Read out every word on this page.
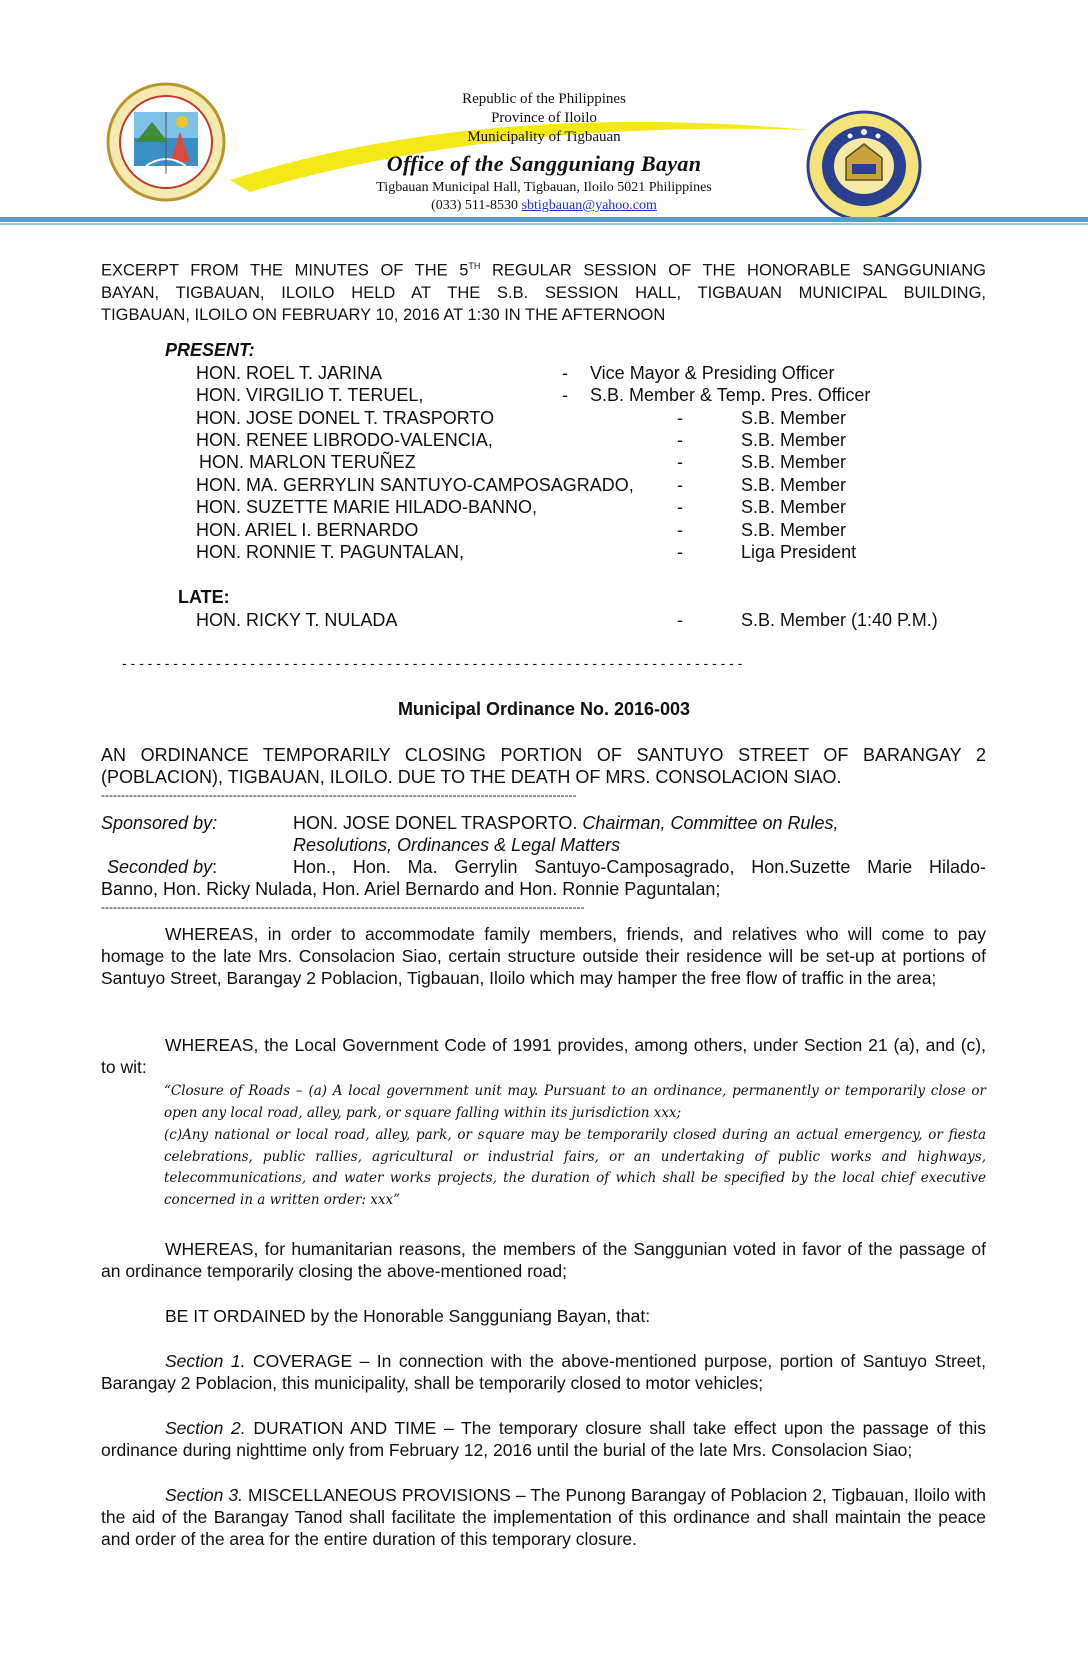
Republic of the Philippines
Province of Iloilo
Municipality of Tigbauan
Office of the Sangguniang Bayan
Tigbauan Municipal Hall, Tigbauan, Iloilo 5021 Philippines
(033) 511-8530 sbtigbauan@yahoo.com
EXCERPT FROM THE MINUTES OF THE 5TH REGULAR SESSION OF THE HONORABLE SANGGUNIANG
BAYAN, TIGBAUAN, ILOILO HELD AT THE S.B. SESSION HALL, TIGBAUAN MUNICIPAL BUILDING,
TIGBAUAN, ILOILO ON FEBRUARY 10, 2016 AT 1:30 IN THE AFTERNOON
PRESENT:
HON. ROEL T. JARINA	- Vice Mayor & Presiding Officer
HON. VIRGILIO T. TERUEL,	- S.B. Member & Temp. Pres. Officer
HON. JOSE DONEL T. TRASPORTO	-	S.B. Member
HON. RENEE LIBRODO-VALENCIA,	-	S.B. Member
HON. MARLON TERUÑEZ	-	S.B. Member
HON. MA. GERRYLIN SANTUYO-CAMPOSAGRADO, -	S.B. Member
HON. SUZETTE MARIE HILADO-BANNO,	-	S.B. Member
HON. ARIEL I. BERNARDO	-	S.B. Member
HON. RONNIE T. PAGUNTALAN,	-	Liga President
LATE:
HON. RICKY T. NULADA	-	S.B. Member (1:40 P.M.)
- - - - - - - - - - - - - - - - - - - - - - - - - - - - - - - - - - - - - - - - - - - - - - - - - - - - - - - - - - - - - - - - - - - - - - - - -
Municipal Ordinance No. 2016-003
AN ORDINANCE TEMPORARILY CLOSING PORTION OF SANTUYO STREET OF BARANGAY 2 (POBLACION), TIGBAUAN, ILOILO. DUE TO THE DEATH OF MRS. CONSOLACION SIAO.
-----------------------------------------------------------------------------------------------------------------------
Sponsored by:	HON. JOSE DONEL TRASPORTO. Chairman, Committee on Rules,
Resolutions, Ordinances & Legal Matters
Seconded by:	Hon., Hon. Ma. Gerrylin Santuyo-Camposagrado, Hon.Suzette Marie Hilado-
Banno, Hon. Ricky Nulada, Hon. Ariel Bernardo and Hon. Ronnie Paguntalan;
-------------------------------------------------------------------------------------------------------------------------
WHEREAS, in order to accommodate family members, friends, and relatives who will come to pay homage to the late Mrs. Consolacion Siao, certain structure outside their residence will be set-up at portions of Santuyo Street, Barangay 2 Poblacion, Tigbauan, Iloilo which may hamper the free flow of traffic in the area;
WHEREAS, the Local Government Code of 1991 provides, among others, under Section 21 (a), and (c), to wit:
“Closure of Roads – (a) A local government unit may. Pursuant to an ordinance, permanently or temporarily close or open any local road, alley, park, or square falling within its jurisdiction xxx;
(c)Any national or local road, alley, park, or square may be temporarily closed during an actual emergency, or fiesta celebrations, public rallies, agricultural or industrial fairs, or an undertaking of public works and highways, telecommunications, and water works projects, the duration of which shall be specified by the local chief executive concerned in a written order: xxx”
WHEREAS, for humanitarian reasons, the members of the Sanggunian voted in favor of the passage of an ordinance temporarily closing the above-mentioned road;
BE IT ORDAINED by the Honorable Sangguniang Bayan, that:
Section 1. COVERAGE – In connection with the above-mentioned purpose, portion of Santuyo Street, Barangay 2 Poblacion, this municipality, shall be temporarily closed to motor vehicles;
Section 2. DURATION AND TIME – The temporary closure shall take effect upon the passage of this ordinance during nighttime only from February 12, 2016 until the burial of the late Mrs. Consolacion Siao;
Section 3. MISCELLANEOUS PROVISIONS – The Punong Barangay of Poblacion 2, Tigbauan, Iloilo with the aid of the Barangay Tanod shall facilitate the implementation of this ordinance and shall maintain the peace and order of the area for the entire duration of this temporary closure.
